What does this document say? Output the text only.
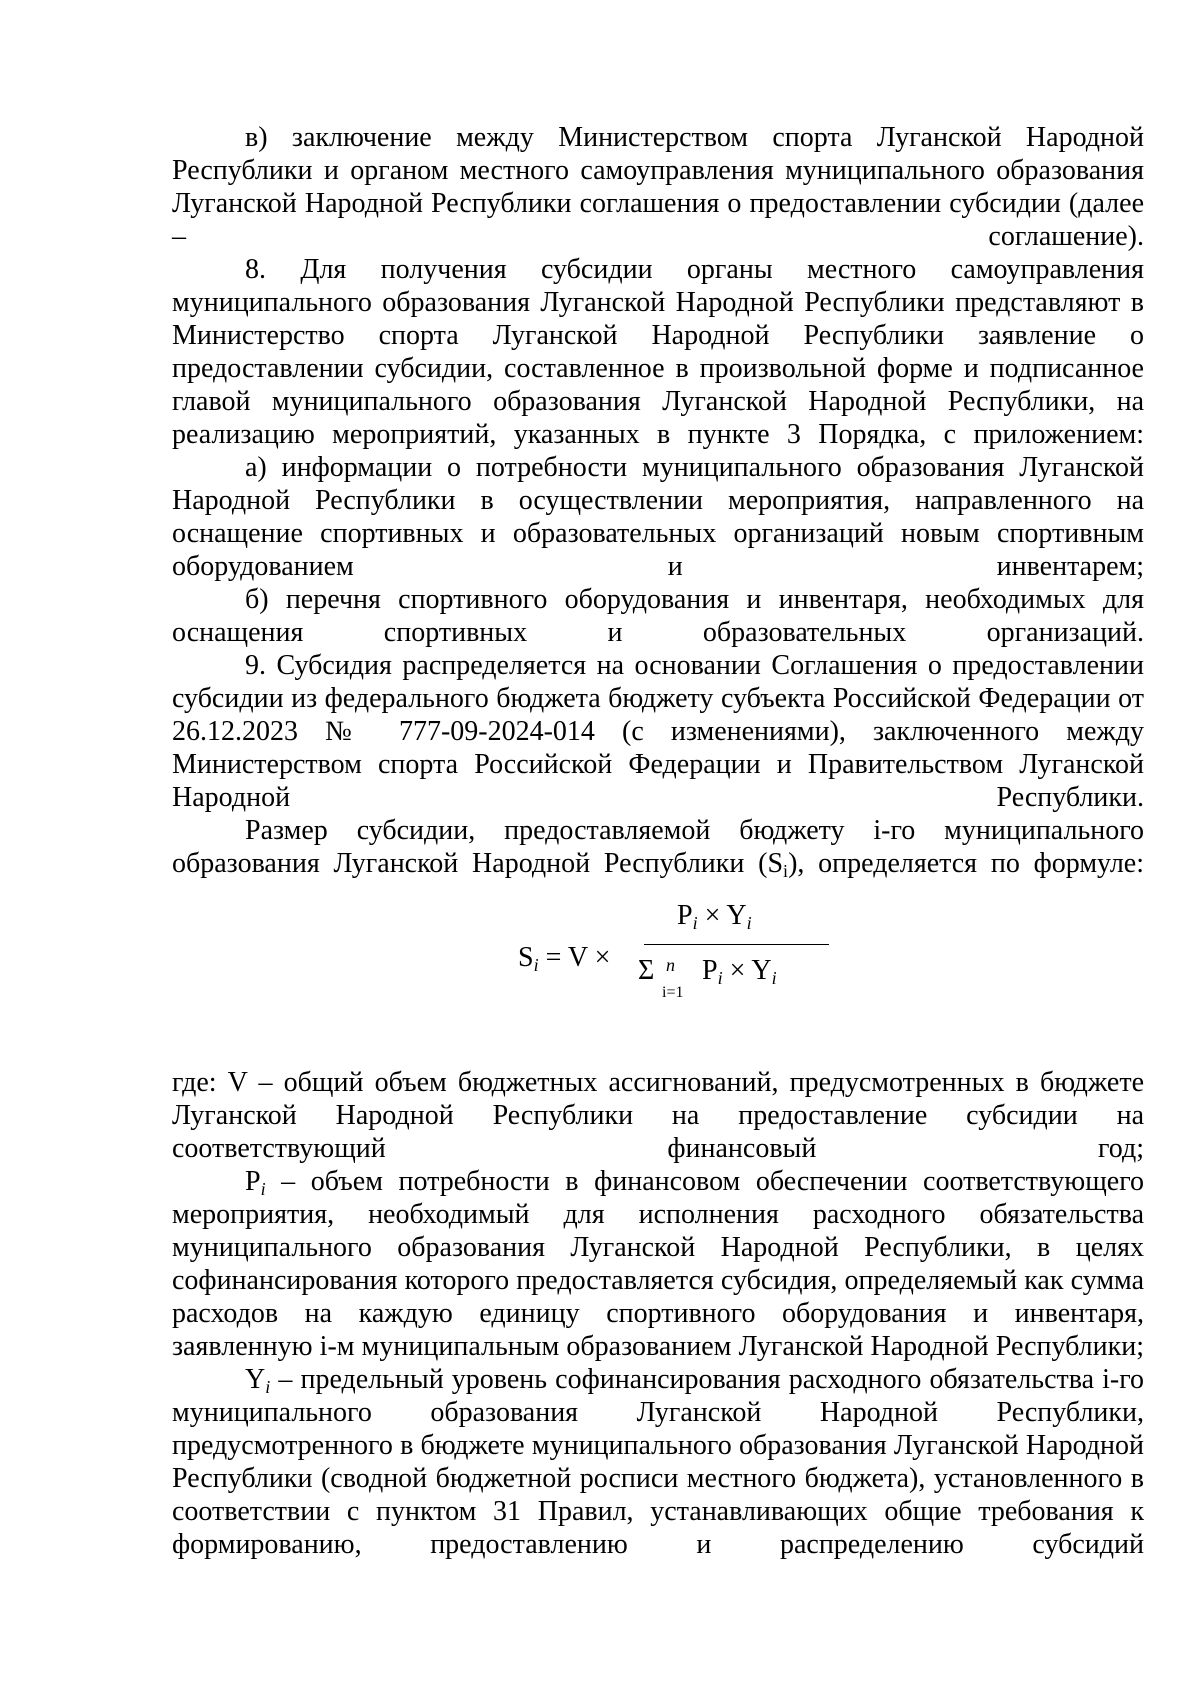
в) заключение между Министерством спорта Луганской Народной Республики и органом местного самоуправления муниципального образования Луганской Народной Республики соглашения о предоставлении субсидии (далее – соглашение).

8. Для получения субсидии органы местного самоуправления муниципального образования Луганской Народной Республики представляют в Министерство спорта Луганской Народной Республики заявление о предоставлении субсидии, составленное в произвольной форме и подписанное главой муниципального образования Луганской Народной Республики, на реализацию мероприятий, указанных в пункте 3 Порядка, с приложением:

а) информации о потребности муниципального образования Луганской Народной Республики в осуществлении мероприятия, направленного на оснащение спортивных и образовательных организаций новым спортивным оборудованием и инвентарем;

б) перечня спортивного оборудования и инвентаря, необходимых для оснащения спортивных и образовательных организаций.

9. Субсидия распределяется на основании Соглашения о предоставлении субсидии из федерального бюджета бюджету субъекта Российской Федерации от 26.12.2023 № 777-09-2024-014 (с изменениями), заключенного между Министерством спорта Российской Федерации и Правительством Луганской Народной Республики.

Размер субсидии, предоставляемой бюджету i-го муниципального образования Луганской Народной Республики $(S_i)$, определяется по формуле:

$S_i = V$ ×
$P_i \times Y_i$
Σ n
i=1
$P_i \times Y_i$

где: V – общий объем бюджетных ассигнований, предусмотренных в бюджете Луганской Народной Республики на предоставление субсидии на соответствующий финансовый год;

$P_i$ – объем потребности в финансовом обеспечении соответствующего мероприятия, необходимый для исполнения расходного обязательства муниципального образования Луганской Народной Республики, в целях софинансирования которого предоставляется субсидия, определяемый как сумма расходов на каждую единицу спортивного оборудования и инвентаря, заявленную i-м муниципальным образованием Луганской Народной Республики;

$Y_i$ – предельный уровень софинансирования расходного обязательства i-го муниципального образования Луганской Народной Республики, предусмотренного в бюджете муниципального образования Луганской Народной Республики (сводной бюджетной росписи местного бюджета), установленного в соответствии с пунктом 31 Правил, устанавливающих общие требования к формированию, предоставлению и распределению субсидий
